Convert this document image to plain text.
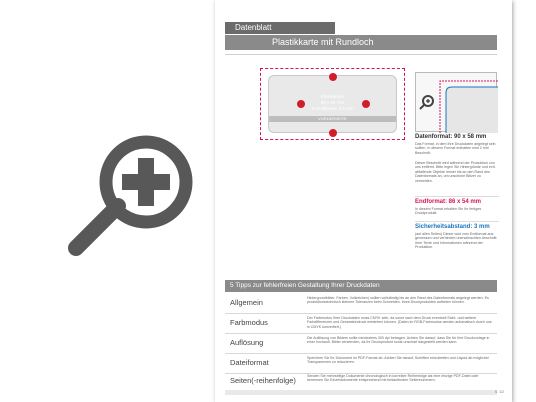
Datenblatt
Plastikkarte mit Rundloch
Plastikkarte
86 x 54 mm
Schnittkante: 3,5 mm
VORDERSEITE
Datenformat: 90 x 58 mm
Das Format, in dem Ihre Druckdaten angelegt sein sollten. In diesem Format enthalten sind 2 mm Beschnitt.
Dieser Beschnitt wird während der Produktion von uns entfernt. Bitte legen Sie Hintergründe und evtl. abfallende Objekte immer bis an den Rand des Datenformats an, um unschöne Blitzer zu vermeiden.
Endformat: 86 x 54 mm
In diesem Format erhalten Sie Ihr fertiges Druckprodukt.
Sicherheitsabstand: 3 mm
(auf allen Seiten) Dieser wird vom Endformat aus gemessen und verhindert unerwünschten Anschnitt Ihrer Texte und Informationen während der Produktion.
5 Tipps zur fehlerfreien Gestaltung Ihrer Druckdaten
Allgemein	Hintergrundbilder, Farben, Vollzeichen) sollten vollständig bis an den Rand des Datenformats angelegt werden. Es produktionstechnisch kleinere Toleranzen beim Schneiden. Ihres Druckproduktes auftreten können.
Farbmodus	Der Farbmodus Ihrer Druckdaten muss CMYK sein, da sonst nach dem Druck eventuell Sicht- und weitere Farbdifferenzen und Gesamteindruck entstehen können. (Daten im RGB-Farbmodus werden automatisch durch uns in CMYK konvertiert.)
Auflösung	Die Auflösung von Bildern sollte mindestens 300 dpi betragen. Achten Sie darauf, dass Sie für Ihre Druckvorlage in einer hochaufl. Bilder verwenden, da Ihr Druckprodukt sonst unscharf dargestellt werden kann.
Dateiformat	Speichern Sie Ihr Dokument im PDF-Format ab. Achten Sie darauf, Schriften einzubetten und Layout ab möglichst Transparenzen zu reduzieren.
Seiten(-reihenfolge)	Senden Sie mehrseitige Dokumente chronologisch in korrekter Reihenfolge als eine einzige PDF-Datei oder benennen Sie Einzeldokumente entsprechend mit fortlaufenden Seitennummern.
S. 1/2
